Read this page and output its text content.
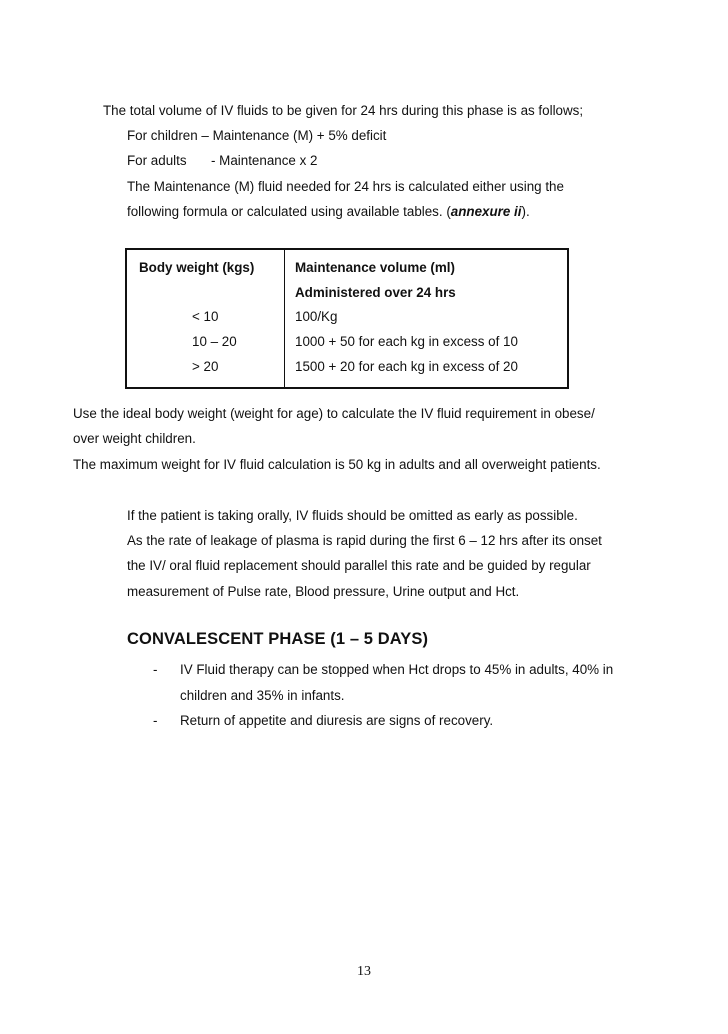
The total volume of IV fluids to be given for 24 hrs during this phase is as follows;
For children – Maintenance (M) + 5% deficit
For adults - Maintenance x 2
The Maintenance (M) fluid needed for 24 hrs is calculated either using the
following formula or calculated using available tables. (annexure ii).
Body weight (kgs)	Maintenance volume (ml)
Administered over 24 hrs
< 10	100/Kg
10 – 20	1000 + 50 for each kg in excess of 10
> 20	1500 + 20 for each kg in excess of 20
Use the ideal body weight (weight for age) to calculate the IV fluid requirement in obese/
over weight children.
The maximum weight for IV fluid calculation is 50 kg in adults and all overweight patients.
If the patient is taking orally, IV fluids should be omitted as early as possible.
As the rate of leakage of plasma is rapid during the first 6 – 12 hrs after its onset
the IV/ oral fluid replacement should parallel this rate and be guided by regular
measurement of Pulse rate, Blood pressure, Urine output and Hct.
CONVALESCENT PHASE (1 – 5 DAYS)
- IV Fluid therapy can be stopped when Hct drops to 45% in adults, 40% in
children and 35% in infants.
- Return of appetite and diuresis are signs of recovery.
13
